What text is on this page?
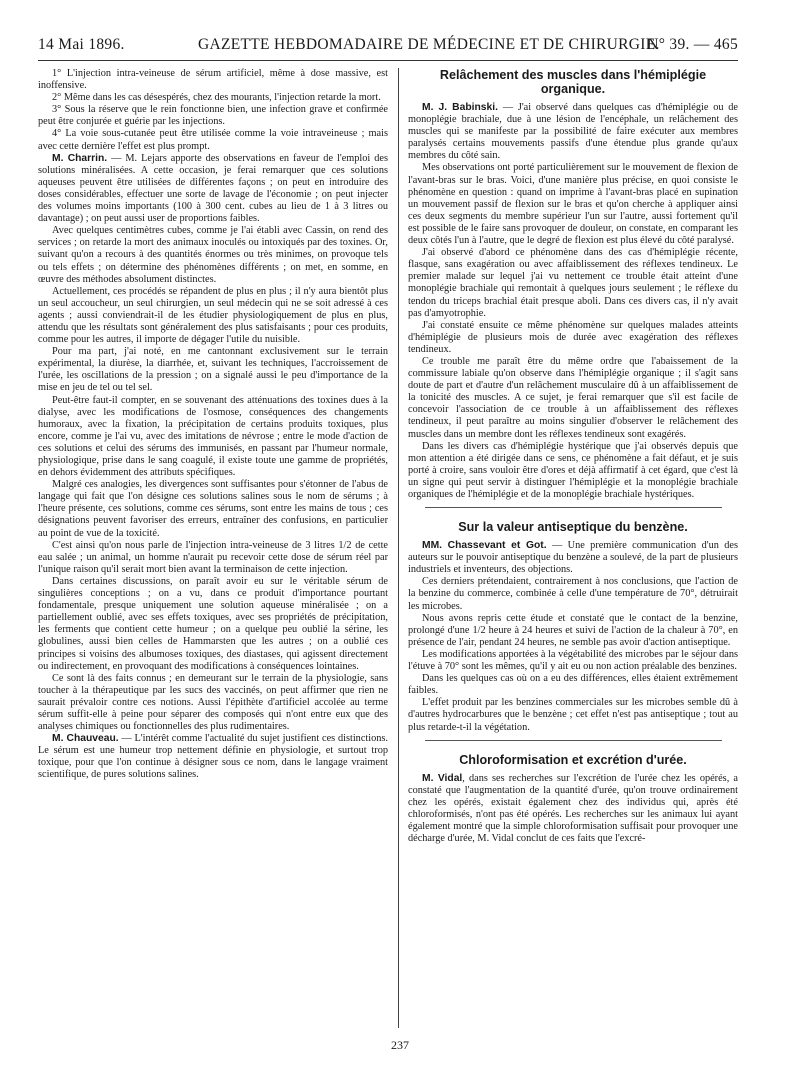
14 Mai 1896.	GAZETTE HEBDOMADAIRE DE MÉDECINE ET DE CHIRURGIE.
N° 39. — 465

1° L'injection intra-veineuse de sérum artificiel, même à dose massive, est inoffensive.

2° Même dans les cas désespérés, chez des mourants, l'injection retarde la mort.

3° Sous la réserve que le rein fonctionne bien, une infection grave et confirmée peut être conjurée et guérie par les injections.

4° La voie sous-cutanée peut être utilisée comme la voie intraveineuse ; mais avec cette dernière l'effet est plus prompt.

M. Charrin. — M. Lejars apporte des observations en faveur de l'emploi des solutions minéralisées. A cette occasion, je ferai remarquer que ces solutions aqueuses peuvent être utilisées de différentes façons ; on peut en introduire des doses considérables, effectuer une sorte de lavage de l'économie ; on peut injecter des volumes moins importants (100 à 300 cent. cubes au lieu de 1 à 3 litres ou davantage) ; on peut aussi user de proportions faibles.

Avec quelques centimètres cubes, comme je l'ai établi avec Cassin, on rend des services ; on retarde la mort des animaux inoculés ou intoxiqués par des toxines. Or, suivant qu'on a recours à des quantités énormes ou très minimes, on provoque tels ou tels effets ; on détermine des phénomènes différents ; on met, en somme, en œuvre des méthodes absolument distinctes.

Actuellement, ces procédés se répandent de plus en plus ; il n'y aura bientôt plus un seul accoucheur, un seul chirurgien, un seul médecin qui ne se soit adressé à ces agents ; aussi conviendrait-il de les étudier physiologiquement de plus en plus, attendu que les résultats sont généralement des plus satisfaisants ; pour ces produits, comme pour les autres, il importe de dégager l'utile du nuisible.

Pour ma part, j'ai noté, en me cantonnant exclusivement sur le terrain expérimental, la diurèse, la diarrhée, et, suivant les techniques, l'accroissement de l'urée, les oscillations de la pression ; on a signalé aussi le peu d'importance de la mise en jeu de tel ou tel sel.

Peut-être faut-il compter, en se souvenant des atténuations des toxines dues à la dialyse, avec les modifications de l'osmose, conséquences des changements humoraux, avec la fixation, la précipitation de certains produits toxiques, plus encore, comme je l'ai vu, avec des imitations de névrose ; entre le mode d'action de ces solutions et celui des sérums des immunisés, en passant par l'humeur normale, physiologique, prise dans le sang coagulé, il existe toute une gamme de propriétés, en dehors évidemment des attributs spécifiques.

Malgré ces analogies, les divergences sont suffisantes pour s'étonner de l'abus de langage qui fait que l'on désigne ces solutions salines sous le nom de sérums ; à l'heure présente, ces solutions, comme ces sérums, sont entre les mains de tous ; ces désignations peuvent favoriser des erreurs, entraîner des confusions, en particulier au point de vue de la toxicité.

C'est ainsi qu'on nous parle de l'injection intra-veineuse de 3 litres 1/2 de cette eau salée ; un animal, un homme n'aurait pu recevoir cette dose de sérum réel par l'unique raison qu'il serait mort bien avant la terminaison de cette injection.

Dans certaines discussions, on paraît avoir eu sur le véritable sérum de singulières conceptions ; on a vu, dans ce produit d'importance pourtant fondamentale, presque uniquement une solution aqueuse minéralisée ; on a partiellement oublié, avec ses effets toxiques, avec ses propriétés de précipitation, les ferments que contient cette humeur ; on a quelque peu oublié la sérine, les globulines, aussi bien celles de Hammarsten que les autres ; on a oublié ces principes si voisins des albumoses toxiques, des diastases, qui agissent directement ou indirectement, en provoquant des modifications à conséquences lointaines.

Ce sont là des faits connus ; en demeurant sur le terrain de la physiologie, sans toucher à la thérapeutique par les sucs des vaccinés, on peut affirmer que rien ne saurait prévaloir contre ces notions. Aussi l'épithète d'artificiel accolée au terme sérum suffit-elle à peine pour séparer des composés qui n'ont entre eux que des analyses chimiques ou fonctionnelles des plus rudimentaires.

M. Chauveau. — L'intérêt comme l'actualité du sujet justifient ces distinctions. Le sérum est une humeur trop nettement définie en physiologie, et surtout trop toxique, pour que l'on continue à désigner sous ce nom, dans le langage vraiment scientifique, de pures solutions salines.

Relâchement des muscles dans l'hémiplégie organique.

M. J. Babinski. — J'ai observé dans quelques cas d'hémiplégie ou de monoplégie brachiale, due à une lésion de l'encéphale, un relâchement des muscles qui se manifeste par la possibilité de faire exécuter aux membres paralysés certains mouvements passifs d'une étendue plus grande qu'aux membres du côté sain.

Mes observations ont porté particulièrement sur le mouvement de flexion de l'avant-bras sur le bras. Voici, d'une manière plus précise, en quoi consiste le phénomène en question : quand on imprime à l'avant-bras placé en supination un mouvement passif de flexion sur le bras et qu'on cherche à appliquer ainsi ces deux segments du membre supérieur l'un sur l'autre, aussi fortement qu'il est possible de le faire sans provoquer de douleur, on constate, en comparant les deux côtés l'un à l'autre, que le degré de flexion est plus élevé du côté paralysé.

J'ai observé d'abord ce phénomène dans des cas d'hémiplégie récente, flasque, sans exagération ou avec affaiblissement des réflexes tendineux. Le premier malade sur lequel j'ai vu nettement ce trouble était atteint d'une monoplégie brachiale qui remontait à quelques jours seulement ; le réflexe du tendon du triceps brachial était presque aboli. Dans ces divers cas, il n'y avait pas d'amyotrophie.

J'ai constaté ensuite ce même phénomène sur quelques malades atteints d'hémiplégie de plusieurs mois de durée avec exagération des réflexes tendineux.

Ce trouble me paraît être du même ordre que l'abaissement de la commissure labiale qu'on observe dans l'hémiplégie organique ; il s'agit sans doute de part et d'autre d'un relâchement musculaire dû à un affaiblissement de la tonicité des muscles. A ce sujet, je ferai remarquer que s'il est facile de concevoir l'association de ce trouble à un affaiblissement des réflexes tendineux, il peut paraître au moins singulier d'observer le relâchement des muscles dans un membre dont les réflexes tendineux sont exagérés.

Dans les divers cas d'hémiplégie hystérique que j'ai observés depuis que mon attention a été dirigée dans ce sens, ce phénomène a fait défaut, et je suis porté à croire, sans vouloir être d'ores et déjà affirmatif à cet égard, que c'est là un signe qui peut servir à distinguer l'hémiplégie et la monoplégie brachiale organiques de l'hémiplégie et de la monoplégie brachiale hystériques.

Sur la valeur antiseptique du benzène.

MM. Chassevant et Got. — Une première communication d'un des auteurs sur le pouvoir antiseptique du benzène a soulevé, de la part de plusieurs industriels et inventeurs, des objections.

Ces derniers prétendaient, contrairement à nos conclusions, que l'action de la benzine du commerce, combinée à celle d'une température de 70°, détruirait les microbes.

Nous avons repris cette étude et constaté que le contact de la benzine, prolongé d'une 1/2 heure à 24 heures et suivi de l'action de la chaleur à 70°, en présence de l'air, pendant 24 heures, ne semble pas avoir d'action antiseptique.

Les modifications apportées à la végétabilité des microbes par le séjour dans l'étuve à 70° sont les mêmes, qu'il y ait eu ou non action préalable des benzines.

Dans les quelques cas où on a eu des différences, elles étaient extrêmement faibles.

L'effet produit par les benzines commerciales sur les microbes semble dû à d'autres hydrocarbures que le benzène ; cet effet n'est pas antiseptique ; tout au plus retarde-t-il la végétation.

Chloroformisation et excrétion d'urée.

M. Vidal, dans ses recherches sur l'excrétion de l'urée chez les opérés, a constaté que l'augmentation de la quantité d'urée, qu'on trouve ordinairement chez les opérés, existait également chez des individus qui, après été chloroformisés, n'ont pas été opérés. Les recherches sur les animaux lui ayant également montré que la simple chloroformisation suffisait pour provoquer une décharge d'urée, M. Vidal conclut de ces faits que l'excré-

237
